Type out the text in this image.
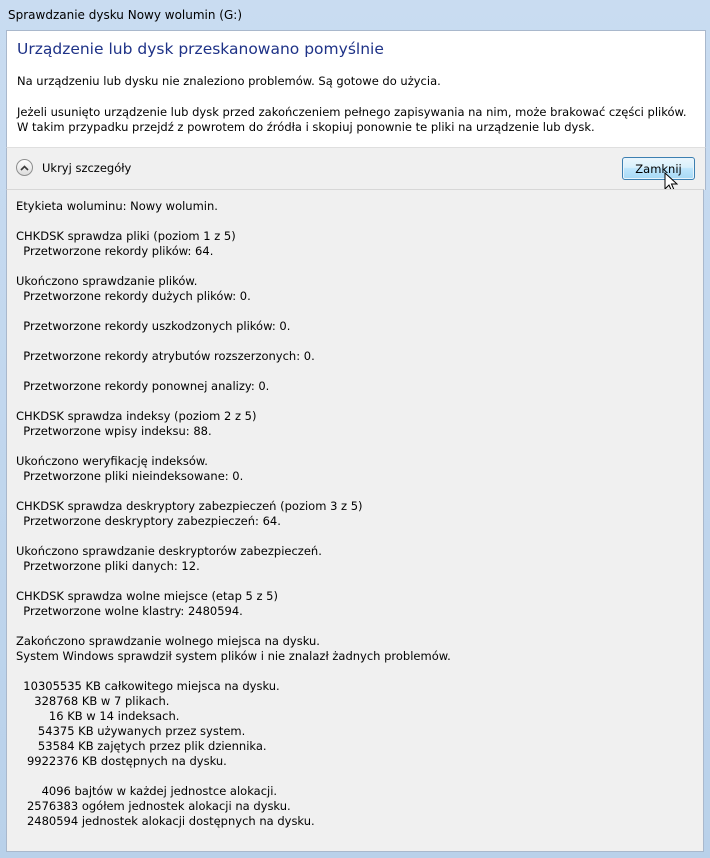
Sprawdzanie dysku Nowy wolumin (G:)
Urządzenie lub dysk przeskanowano pomyślnie
Na urządzeniu lub dysku nie znaleziono problemów. Są gotowe do użycia.
Jeżeli usunięto urządzenie lub dysk przed zakończeniem pełnego zapisywania na nim, może brakować części plików. W takim przypadku przejdź z powrotem do źródła i skopiuj ponownie te pliki na urządzenie lub dysk.
Ukryj szczegóły	Zamknij
Etykieta woluminu: Nowy wolumin.

CHKDSK sprawdza pliki (poziom 1 z 5)
Przetworzone rekordy plików: 64.

Ukończono sprawdzanie plików.
Przetworzone rekordy dużych plików: 0.

Przetworzone rekordy uszkodzonych plików: 0.

Przetworzone rekordy atrybutów rozszerzonych: 0.

Przetworzone rekordy ponownej analizy: 0.

CHKDSK sprawdza indeksy (poziom 2 z 5)
Przetworzone wpisy indeksu: 88.

Ukończono weryfikację indeksów.
Przetworzone pliki nieindeksowane: 0.

CHKDSK sprawdza deskryptory zabezpieczeń (poziom 3 z 5)
Przetworzone deskryptory zabezpieczeń: 64.

Ukończono sprawdzanie deskryptorów zabezpieczeń.
Przetworzone pliki danych: 12.

CHKDSK sprawdza wolne miejsce (etap 5 z 5)
Przetworzone wolne klastry: 2480594.

Zakończono sprawdzanie wolnego miejsca na dysku.
System Windows sprawdził system plików i nie znalazł żadnych problemów.

10305535 KB całkowitego miejsca na dysku.
328768 KB w 7 plikach.
16 KB w 14 indeksach.
54375 KB używanych przez system.
53584 KB zajętych przez plik dziennika.
9922376 KB dostępnych na dysku.

4096 bajtów w każdej jednostce alokacji.
2576383 ogółem jednostek alokacji na dysku.
2480594 jednostek alokacji dostępnych na dysku.
